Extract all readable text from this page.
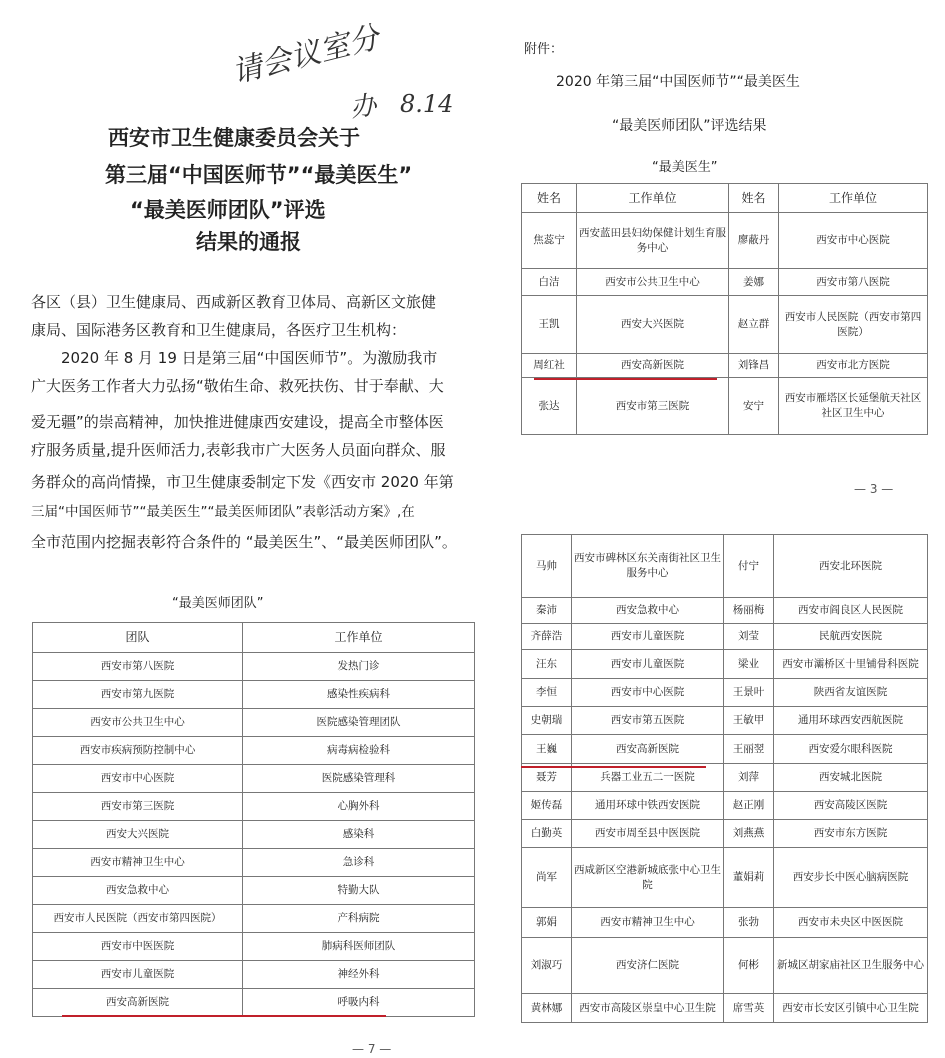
请会议室分
办 8.14
西安市卫生健康委员会关于
第三届“中国医师节”“最美医生”
“最美医师团队”评选
结果的通报
各区（县）卫生健康局、西咸新区教育卫体局、高新区文旅健
康局、国际港务区教育和卫生健康局，各医疗卫生机构：
2020 年 8 月 19 日是第三届“中国医师节”。为激励我市
广大医务工作者大力弘扬“敬佑生命、救死扶伤、甘于奉献、大
爱无疆”的崇高精神，加快推进健康西安建设，提高全市整体医
疗服务质量,提升医师活力,表彰我市广大医务人员面向群众、服
务群众的高尚情操，市卫生健康委制定下发《西安市 2020 年第
三届“中国医师节”“最美医生”“最美医师团队”表彰活动方案》,在
全市范围内挖掘表彰符合条件的 “最美医生”、“最美医师团队”。
“最美医师团队”
团队	工作单位
西安市第八医院	发热门诊
西安市第九医院	感染性疾病科
西安市公共卫生中心	医院感染管理团队
西安市疾病预防控制中心	病毒病检验科
西安市中心医院	医院感染管理科
西安市第三医院	心胸外科
西安大兴医院	感染科
西安市精神卫生中心	急诊科
西安急救中心	特勤大队
西安市人民医院（西安市第四医院）	产科病院
西安市中医医院	肺病科医师团队
西安市儿童医院	神经外科
西安高新医院	呼吸内科
— 7 —
附件：
2020 年第三届“中国医师节”“最美医生
“最美医师团队”评选结果
“最美医生”
姓名	工作单位	姓名	工作单位
焦蕊宁	西安蓝田县妇幼保健计划生育服务中心	廖蔽丹	西安市中心医院
白洁	西安市公共卫生中心	姜娜	西安市第八医院
王凯	西安大兴医院	赵立群	西安市人民医院（西安市第四医院）
周红社	西安高新医院	刘锋昌	西安市北方医院
张达	西安市第三医院	安宁	西安市雁塔区长延堡航天社区社区卫生中心
— 3 —
马帅	西安市碑林区东关南街社区卫生服务中心	付宁	西安北环医院
秦沛	西安急救中心	杨丽梅	西安市阎良区人民医院
齐薛浩	西安市儿童医院	刘莹	民航西安医院
汪东	西安市儿童医院	梁业	西安市灞桥区十里铺骨科医院
李恒	西安市中心医院	王景叶	陕西省友谊医院
史朝瑞	西安市第五医院	王敏甲	通用环球西安西航医院
王巍	西安高新医院	王丽翌	西安爱尔眼科医院
聂芳	兵器工业五二一医院	刘萍	西安城北医院
姬传磊	通用环球中铁西安医院	赵正刚	西安高陵区医院
白勤英	西安市周至县中医医院	刘燕燕	西安市东方医院
尚军	西咸新区空港新城底张中心卫生院	董娟莉	西安步长中医心脑病医院
郭娟	西安市精神卫生中心	张勃	西安市未央区中医医院
刘淑巧	西安济仁医院	何彬	新城区胡家庙社区卫生服务中心
黄林娜	西安市高陵区崇皇中心卫生院	席雪英	西安市长安区引镇中心卫生院
